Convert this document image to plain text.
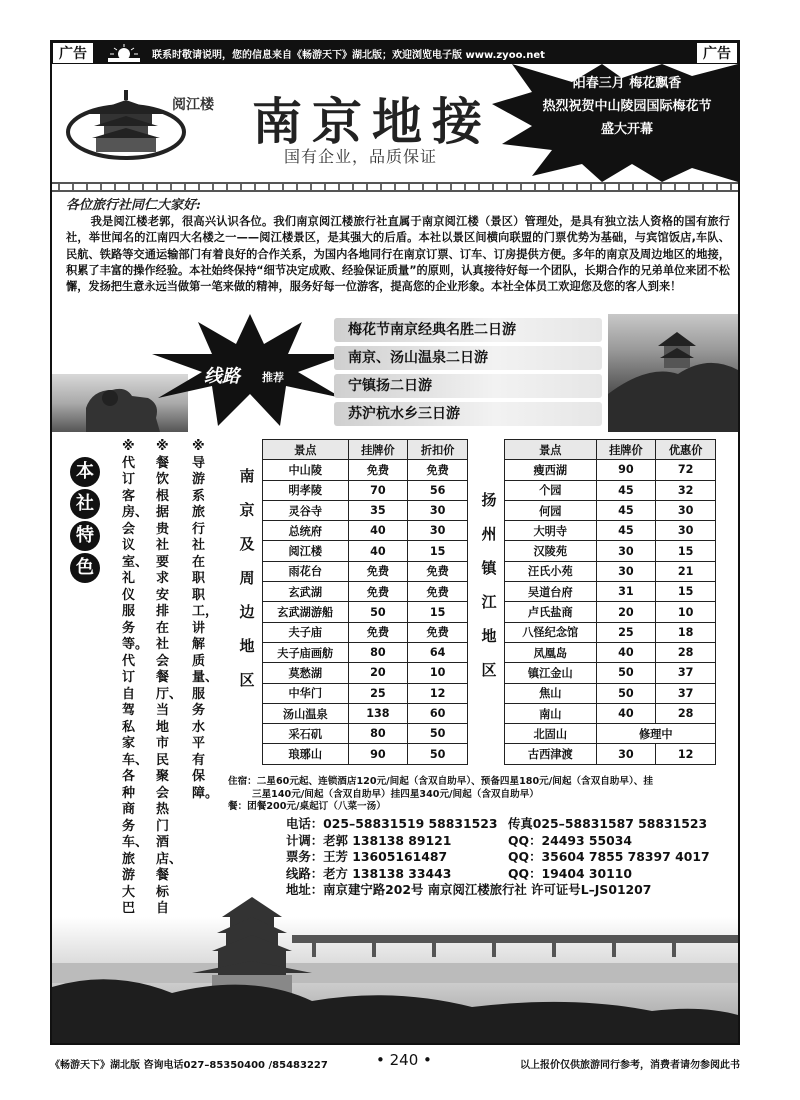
广告	联系时敬请说明，您的信息来自《畅游天下》湖北版；欢迎浏览电子版 www.zyoo.net	广告
阅江楼 南京地接
国有企业，品质保证
阳春三月 梅花飘香
热烈祝贺中山陵园国际梅花节
盛大开幕
各位旅行社同仁大家好:
我是阅江楼老郭，很高兴认识各位。我们南京阅江楼旅行社直属于南京阅江楼（景区）管理处，是具有独立法人资格的国有旅行社，举世闻名的江南四大名楼之一——阅江楼景区，是其强大的后盾。本社以景区间横向联盟的门票优势为基础，与宾馆饭店,车队、民航、铁路等交通运输部门有着良好的合作关系，为国内各地同行在南京订票、订车、订房提供方便。多年的南京及周边地区的地接，积累了丰富的操作经验。本社始终保持“细节决定成败、经验保证质量”的原则，认真接待好每一个团队，长期合作的兄弟单位来团不松懈，发扬把生意永远当做第一笔来做的精神，服务好每一位游客，提高您的企业形象。本社全体员工欢迎您及您的客人到来！
线路 推荐
梅花节南京经典名胜二日游
南京、汤山温泉二日游
宁镇扬二日游
苏沪杭水乡三日游
本
社
特
色
※导游系旅行社在职职工，讲解质量、服务水平有保障。
※餐饮根据贵社要求安排在社会餐厅、当地市民聚会热门酒店、餐标自
※代订客房、会议室、礼仪服务等。代订自驾私家车、各种商务车、旅游大巴
南
京
及
周
边
地
区
景点	挂牌价	折扣价
中山陵	免费	免费
明孝陵	70	56
灵谷寺	35	30
总统府	40	30
阅江楼	40	15
雨花台	免费	免费
玄武湖	免费	免费
玄武湖游船	50	15
夫子庙	免费	免费
夫子庙画舫	80	64
莫愁湖	20	10
中华门	25	12
汤山温泉	138	60
采石矶	80	50
琅琊山	90	50
扬
州
镇
江
地
区
景点	挂牌价	优惠价
瘦西湖	90	72
个园	45	32
何园	45	30
大明寺	45	30
汉陵苑	30	15
汪氏小苑	30	21
吴道台府	31	15
卢氏盐商	20	10
八怪纪念馆	25	18
凤凰岛	40	28
镇江金山	50	37
焦山	50	37
南山	40	28
北固山	修理中	
古西津渡	30	12
住宿：二星60元起、连锁酒店120元/间起（含双自助早）、预备四星180元/间起（含双自助早）、挂
三星140元/间起（含双自助早）挂四星340元/间起（含双自助早）
餐：团餐200元/桌起订（八菜一汤）
电话：025–58831519 58831523 传真025–58831587 58831523
计调：老郭 138138 89121	QQ：24493 55034
票务：王芳 13605161487	QQ：35604 7855 78397 4017
线路：老方 138138 33443	QQ：19404 30110
地址：南京建宁路202号 南京阅江楼旅行社 许可证号L–JS01207
《畅游天下》湖北版 咨询电话027–85350400 /85483227	• 240 •	以上报价仅供旅游同行参考，消费者请勿参阅此书
